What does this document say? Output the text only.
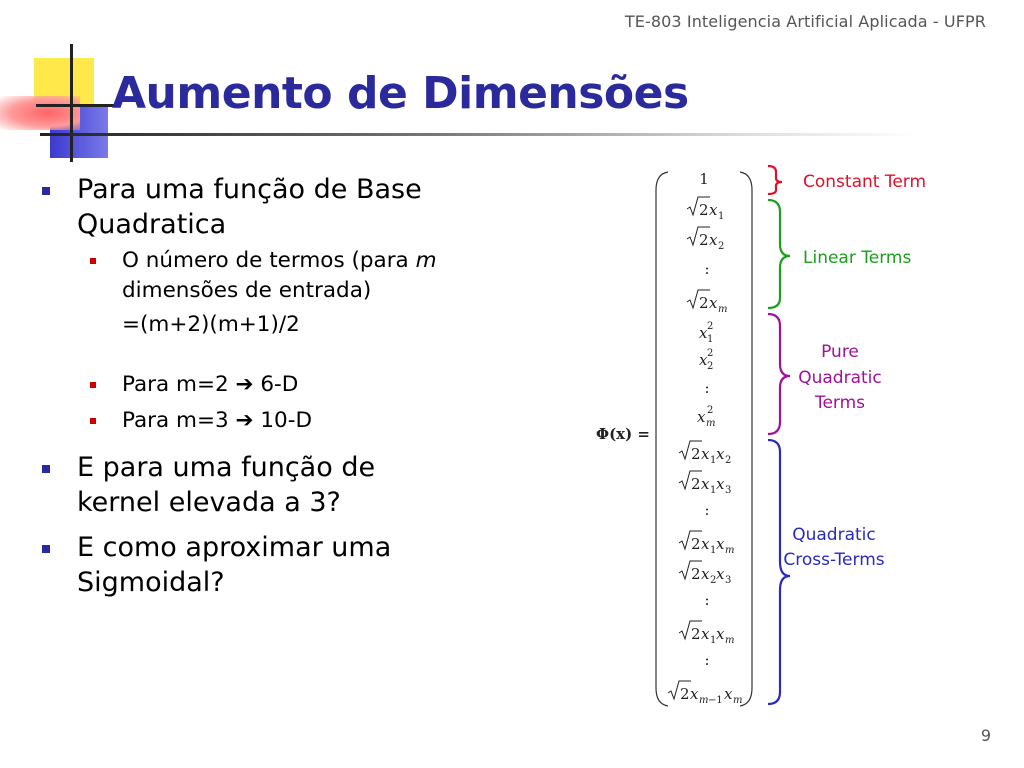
TE-803 Inteligencia Artificial Aplicada - UFPR
Aumento de Dimensões
Para uma função de Base
Quadratica
O número de termos (para m
dimensões de entrada)
=(m+2)(m+1)/2
Para m=2 ➔ 6-D
Para m=3 ➔ 10-D
E para uma função de
kernel elevada a 3?
E como aproximar uma
Sigmoidal?
Φ(x) =
1
2 x 1
2 x 2
:
2 x m
x 1
2
x 2
2
:
x m
2
2 x 1 x 2
2 x 1 x 3
:
2 x 1 x m
2 x 2 x 3
:
2 x 1 x m
:
2 x m −1 x m
Constant Term
Linear Terms
Pure
Quadratic
Terms
Quadratic
Cross-Terms
9
